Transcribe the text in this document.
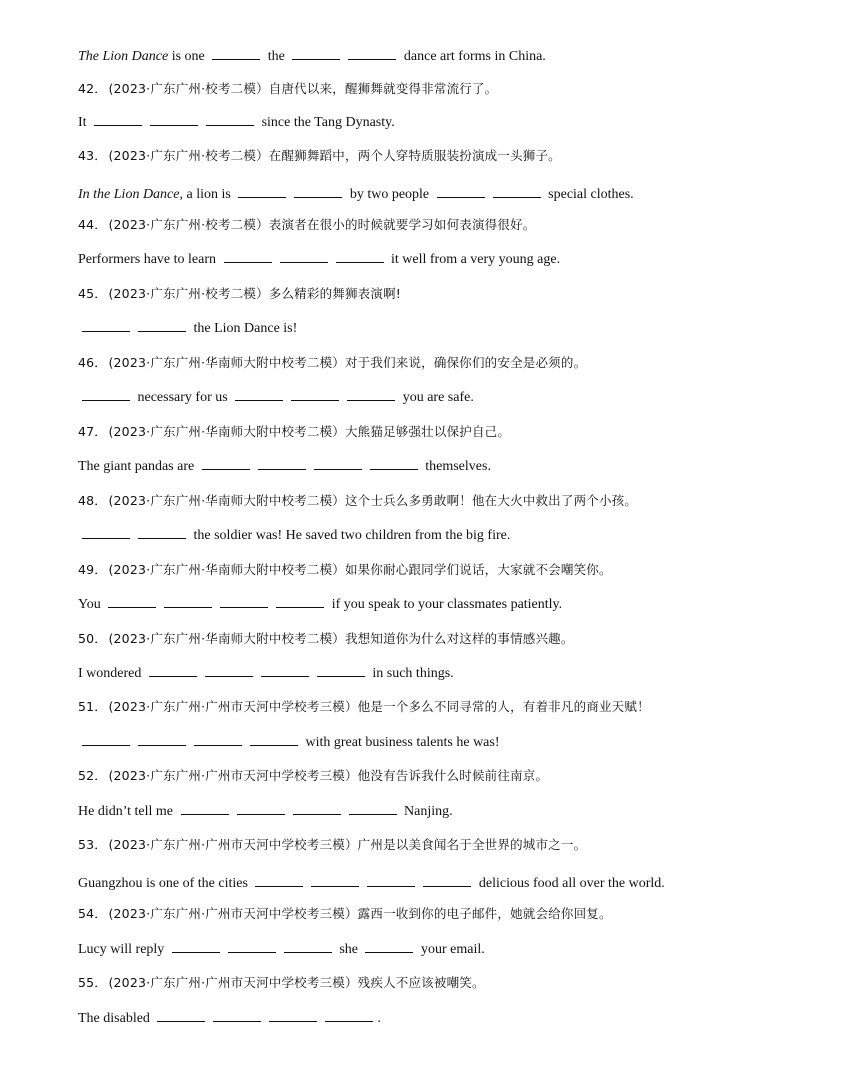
The Lion Dance is one	the	dance art forms in China.
42． (2023·广东广州·校考二模）自唐代以来，醒狮舞就变得非常流行了。
It	since the Tang Dynasty.
43． (2023·广东广州·校考二模）在醒狮舞蹈中，两个人穿特质服装扮演成一头狮子。
In the Lion Dance, a lion is	by two people	special clothes.
44． (2023·广东广州·校考二模）表演者在很小的时候就要学习如何表演得很好。
Performers have to learn	it well from a very young age.
45． (2023·广东广州·校考二模）多么精彩的舞狮表演啊!
the Lion Dance is!
46． (2023·广东广州·华南师大附中校考二模）对于我们来说，确保你们的安全是必须的。
necessary for us	you are safe.
47． (2023·广东广州·华南师大附中校考二模）大熊猫足够强壮以保护自己。
The giant pandas are	themselves.
48． (2023·广东广州·华南师大附中校考二模）这个士兵么多勇敢啊！他在大火中救出了两个小孩。
the soldier was! He saved two children from the big fire.
49． (2023·广东广州·华南师大附中校考二模）如果你耐心跟同学们说话，大家就不会嘲笑你。
You	if you speak to your classmates patiently.
50． (2023·广东广州·华南师大附中校考二模）我想知道你为什么对这样的事情感兴趣。
I wondered	in such things.
51． (2023·广东广州·广州市天河中学校考三模）他是一个多么不同寻常的人，有着非凡的商业天赋！
with great business talents he was!
52． (2023·广东广州·广州市天河中学校考三模）他没有告诉我什么时候前往南京。
He didn’t tell me	Nanjing.
53． (2023·广东广州·广州市天河中学校考三模）广州是以美食闻名于全世界的城市之一。
Guangzhou is one of the cities	delicious food all over the world.
54． (2023·广东广州·广州市天河中学校考三模）露西一收到你的电子邮件，她就会给你回复。
Lucy will reply	she	your email.
55． (2023·广东广州·广州市天河中学校考三模）残疾人不应该被嘲笑。
The disabled	.
